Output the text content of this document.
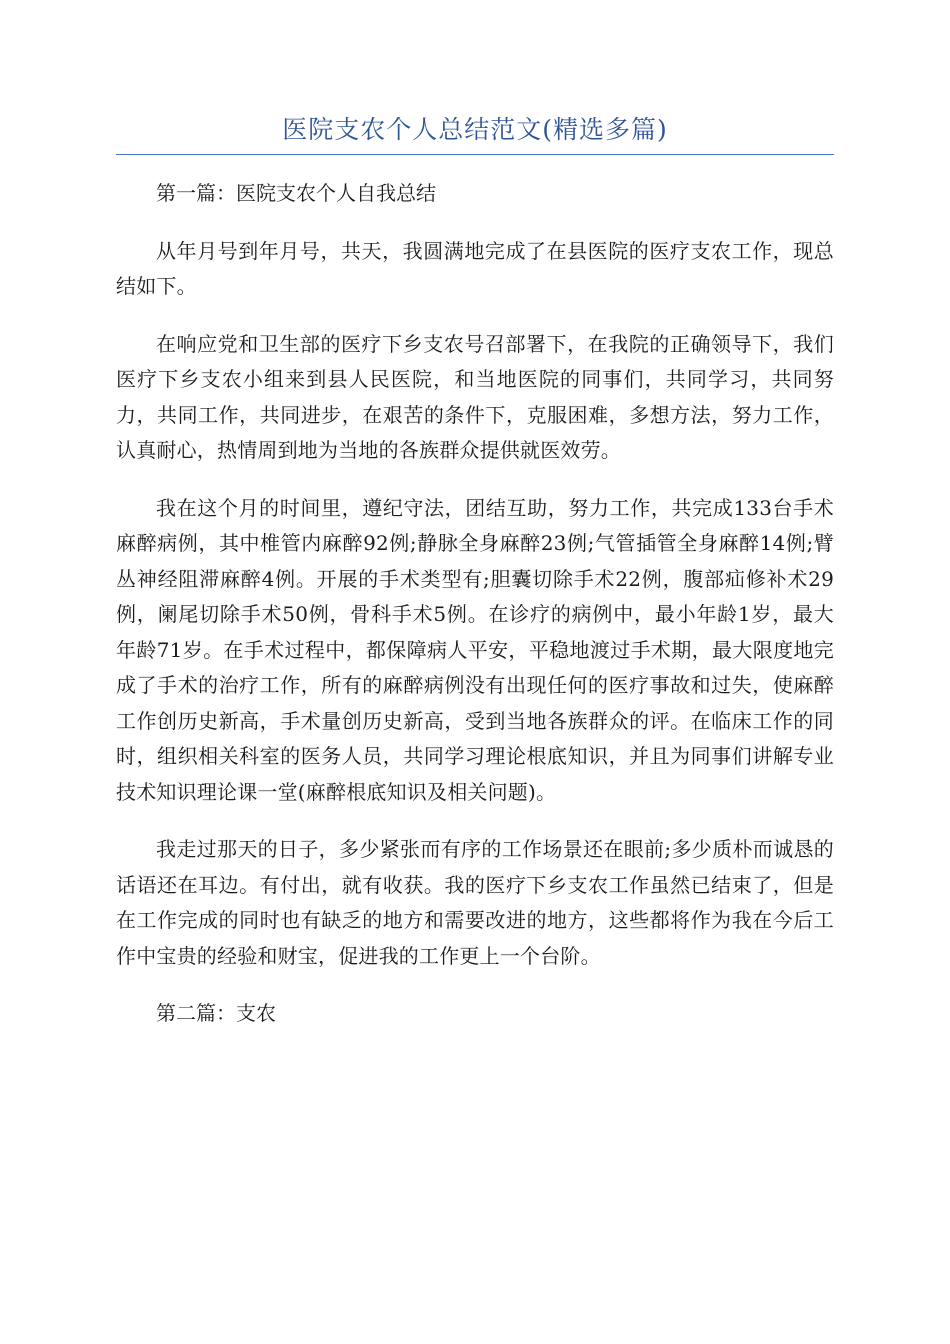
医院支农个人总结范文(精选多篇)

第一篇：医院支农个人自我总结

从年月号到年月号，共天，我圆满地完成了在县医院的医疗支农工作，现总结如下。

在响应党和卫生部的医疗下乡支农号召部署下，在我院的正确领导下，我们医疗下乡支农小组来到县人民医院，和当地医院的同事们，共同学习，共同努力，共同工作，共同进步，在艰苦的条件下，克服困难，多想方法，努力工作，认真耐心，热情周到地为当地的各族群众提供就医效劳。

我在这个月的时间里，遵纪守法，团结互助，努力工作，共完成133台手术麻醉病例，其中椎管内麻醉92例;静脉全身麻醉23例;气管插管全身麻醉14例;臂丛神经阻滞麻醉4例。开展的手术类型有;胆囊切除手术22例，腹部疝修补术29例，阑尾切除手术50例，骨科手术5例。在诊疗的病例中，最小年龄1岁，最大年龄71岁。在手术过程中，都保障病人平安，平稳地渡过手术期，最大限度地完成了手术的治疗工作，所有的麻醉病例没有出现任何的医疗事故和过失，使麻醉工作创历史新高，手术量创历史新高，受到当地各族群众的评。在临床工作的同时，组织相关科室的医务人员，共同学习理论根底知识，并且为同事们讲解专业技术知识理论课一堂(麻醉根底知识及相关问题)。

我走过那天的日子，多少紧张而有序的工作场景还在眼前;多少质朴而诚恳的话语还在耳边。有付出，就有收获。我的医疗下乡支农工作虽然已结束了，但是在工作完成的同时也有缺乏的地方和需要改进的地方，这些都将作为我在今后工作中宝贵的经验和财宝，促进我的工作更上一个台阶。

第二篇：支农
